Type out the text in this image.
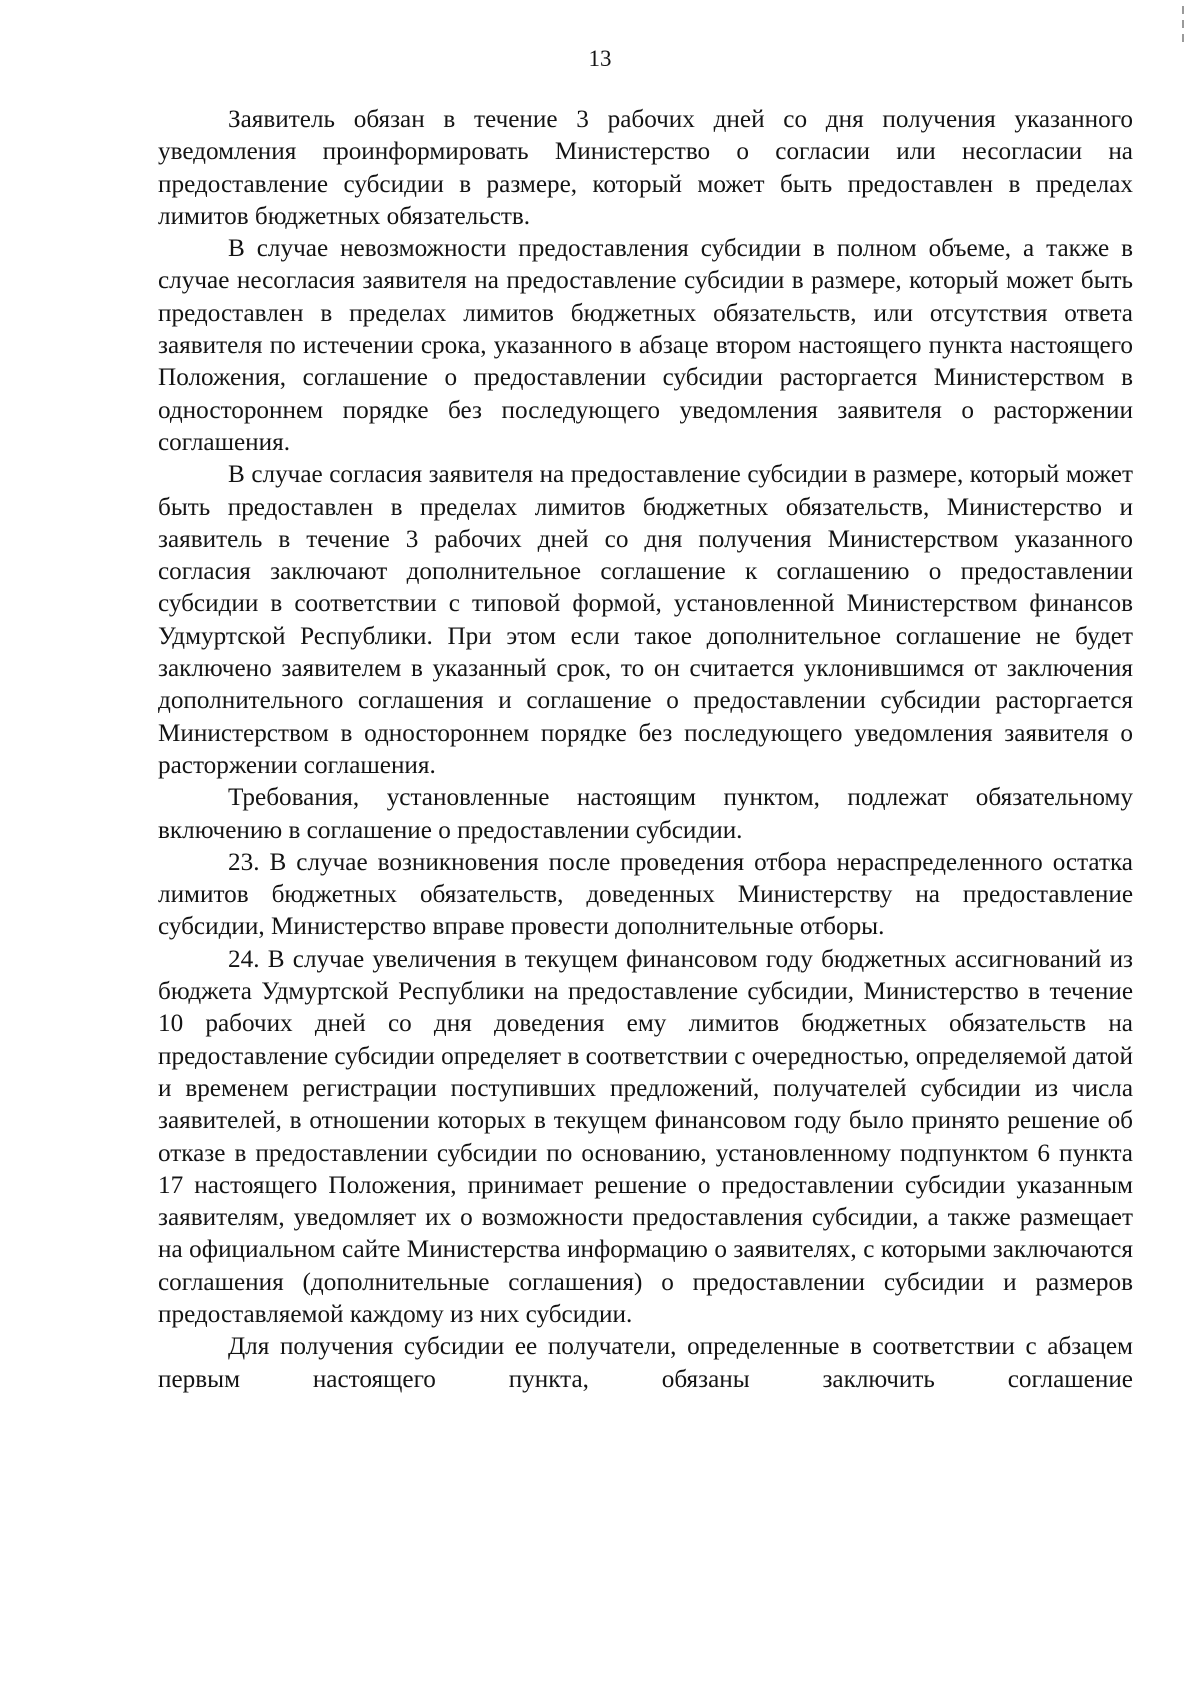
13

Заявитель обязан в течение 3 рабочих дней со дня получения указанного уведомления проинформировать Министерство о согласии или несогласии на предоставление субсидии в размере, который может быть предоставлен в пределах лимитов бюджетных обязательств.

В случае невозможности предоставления субсидии в полном объеме, а также в случае несогласия заявителя на предоставление субсидии в размере, который может быть предоставлен в пределах лимитов бюджетных обязательств, или отсутствия ответа заявителя по истечении срока, указанного в абзаце втором настоящего пункта настоящего Положения, соглашение о предоставлении субсидии расторгается Министерством в одностороннем порядке без последующего уведомления заявителя о расторжении соглашения.

В случае согласия заявителя на предоставление субсидии в размере, который может быть предоставлен в пределах лимитов бюджетных обязательств, Министерство и заявитель в течение 3 рабочих дней со дня получения Министерством указанного согласия заключают дополнительное соглашение к соглашению о предоставлении субсидии в соответствии с типовой формой, установленной Министерством финансов Удмуртской Республики. При этом если такое дополнительное соглашение не будет заключено заявителем в указанный срок, то он считается уклонившимся от заключения дополнительного соглашения и соглашение о предоставлении субсидии расторгается Министерством в одностороннем порядке без последующего уведомления заявителя о расторжении соглашения.

Требования, установленные настоящим пунктом, подлежат обязательному включению в соглашение о предоставлении субсидии.

23. В случае возникновения после проведения отбора нераспределенного остатка лимитов бюджетных обязательств, доведенных Министерству на предоставление субсидии, Министерство вправе провести дополнительные отборы.

24. В случае увеличения в текущем финансовом году бюджетных ассигнований из бюджета Удмуртской Республики на предоставление субсидии, Министерство в течение 10 рабочих дней со дня доведения ему лимитов бюджетных обязательств на предоставление субсидии определяет в соответствии с очередностью, определяемой датой и временем регистрации поступивших предложений, получателей субсидии из числа заявителей, в отношении которых в текущем финансовом году было принято решение об отказе в предоставлении субсидии по основанию, установленному подпунктом 6 пункта 17 настоящего Положения, принимает решение о предоставлении субсидии указанным заявителям, уведомляет их о возможности предоставления субсидии, а также размещает на официальном сайте Министерства информацию о заявителях, с которыми заключаются соглашения (дополнительные соглашения) о предоставлении субсидии и размеров предоставляемой каждому из них субсидии.

Для получения субсидии ее получатели, определенные в соответствии с абзацем первым настоящего пункта, обязаны заключить соглашение
